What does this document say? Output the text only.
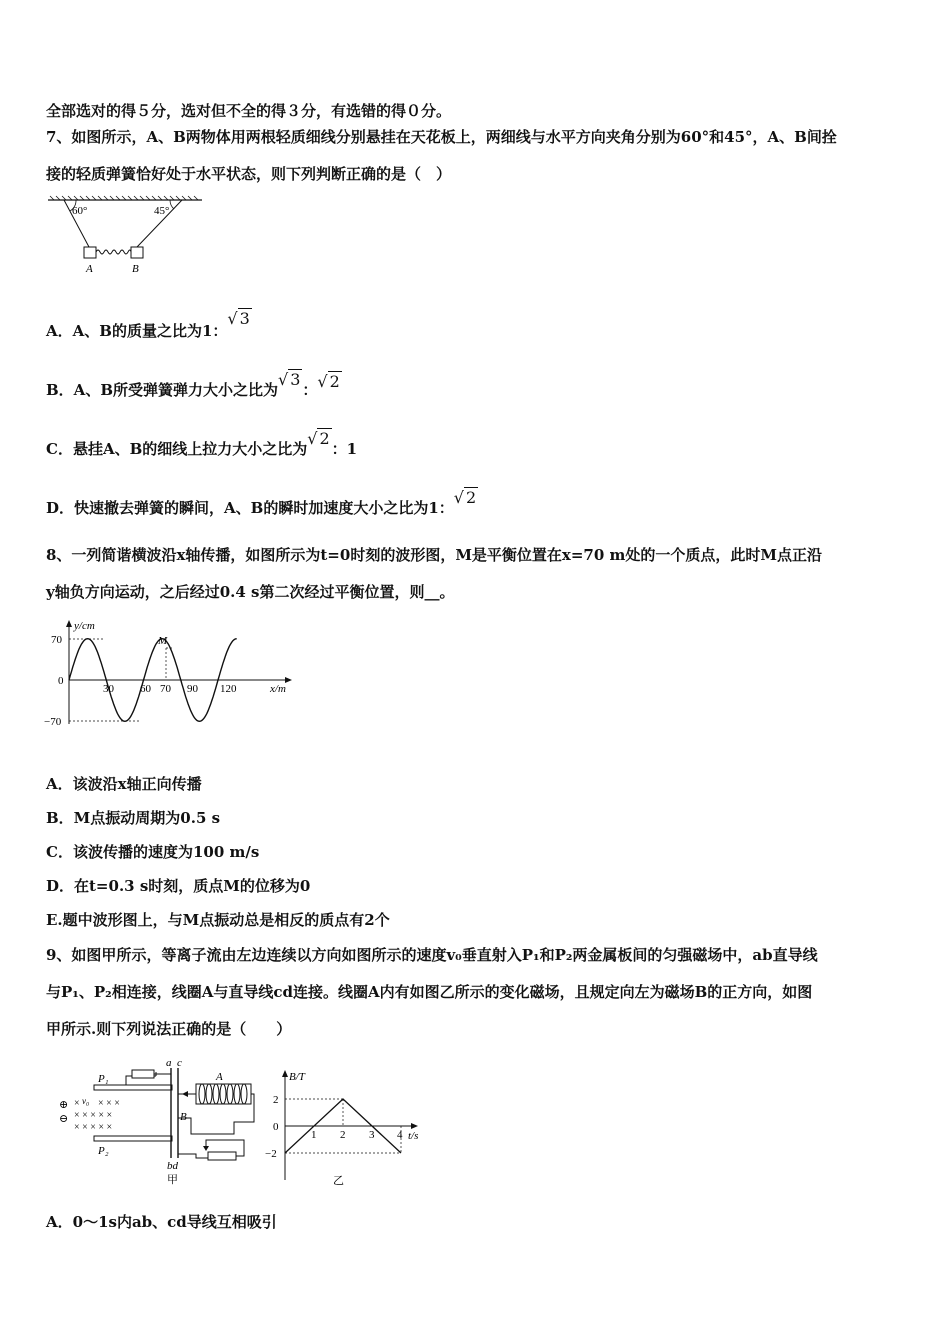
全部选对的得５分，选对但不全的得３分，有选错的得０分。
7、如图所示，A、B两物体用两根轻质细线分别悬挂在天花板上，两细线与水平方向夹角分别为60°和45°，A、B间拴
接的轻质弹簧恰好处于水平状态，则下列判断正确的是（　）
60°	45°
A	B
A．A、B的质量之比为1：√ 3
B．A、B所受弹簧弹力大小之比为√ 3：√ 2
C．悬挂A、B的细线上拉力大小之比为√ 2：1
D．快速撤去弹簧的瞬间，A、B的瞬时加速度大小之比为1：√ 2
8、一列简谐横波沿x轴传播，如图所示为t=0时刻的波形图，M是平衡位置在x=70 m处的一个质点，此时M点正沿
y轴负方向运动，之后经过0.4 s第二次经过平衡位置，则__。
y/cm
x/m
70
0
−70
30 60 70 90 120
M
A．该波沿x轴正向传播
B．M点振动周期为0.5 s
C．该波传播的速度为100 m/s
D．在t=0.3 s时刻，质点M的位移为0
E.题中波形图上，与M点振动总是相反的质点有2个
9、如图甲所示，等离子流由左边连续以方向如图所示的速度v₀垂直射入P₁和P₂两金属板间的匀强磁场中，ab直导线
与P₁、P₂相连接，线圈A与直导线cd连接。线圈A内有如图乙所示的变化磁场，且规定向左为磁场B的正方向，如图
甲所示.则下列说法正确的是（　　）
P₁
P₂
⊕
⊖
× v₀ × × ×
× × × × ×
× × × × ×
a c
bd
甲
A
B
B/T
t/s
2
0
−2
1 2 3 4
乙
A．0～1s内ab、cd导线互相吸引
